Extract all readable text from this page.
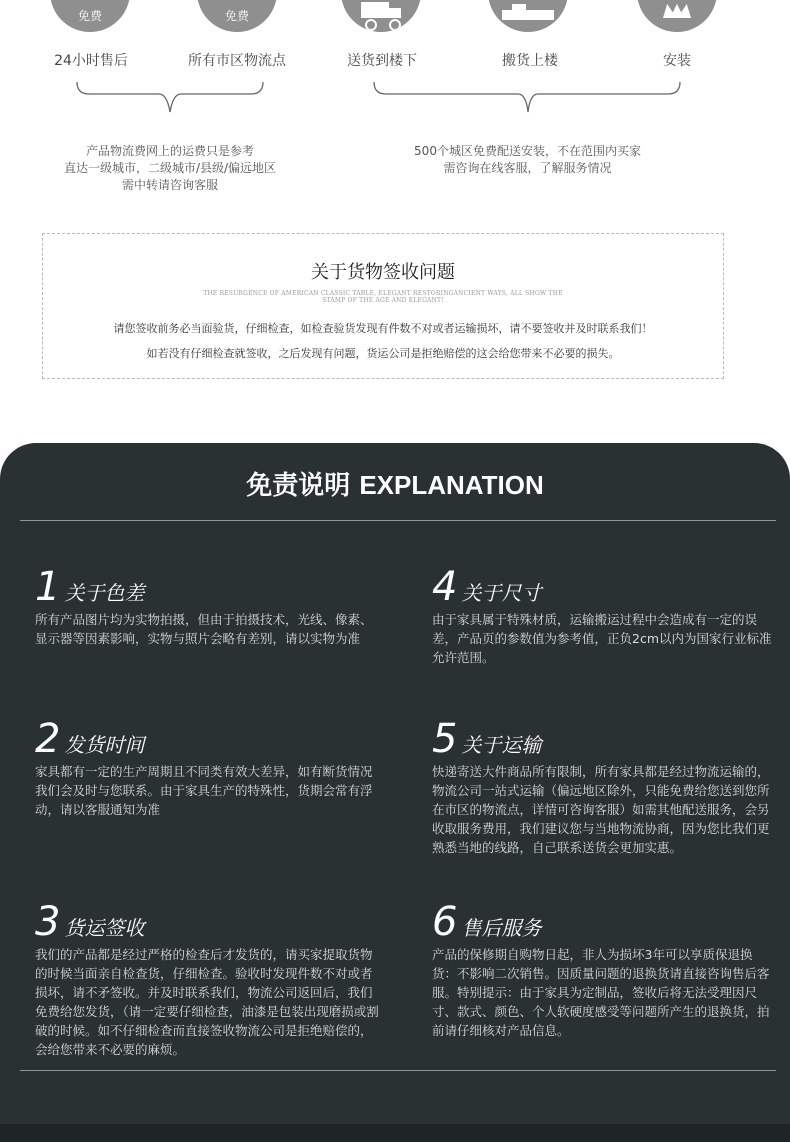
免费	免费
24小时售后	所有市区物流点	送货到楼下	搬货上楼	安装
产品物流费网上的运费只是参考
直达一级城市，二级城市/县级/偏远地区
需中转请咨询客服
500个城区免费配送安装，不在范围内买家
需咨询在线客服，了解服务情况
关于货物签收问题
THE RESURGENCE OF AMERICAN CLASSIC TABLE, ELEGANT RESTORINGANCIENT WAYS, ALL SHOW THE STAMP OF THE AGE AND ELEGANT!
请您签收前务必当面验货，仔细检查，如检查验货发现有件数不对或者运输损坏，请不要签收并及时联系我们！
如若没有仔细检查就签收，之后发现有问题，货运公司是拒绝赔偿的这会给您带来不必要的损失。
免责说明 EXPLANATION
1 关于色差
所有产品图片均为实物拍摄，但由于拍摄技术，光线、像素、显示器等因素影响，实物与照片会略有差别，请以实物为准
2 发货时间
家具都有一定的生产周期且不同类有效大差异，如有断货情况我们会及时与您联系。由于家具生产的特殊性，货期会常有浮动，请以客服通知为准
3 货运签收
我们的产品都是经过严格的检查后才发货的，请买家提取货物的时候当面亲自检查货，仔细检查。验收时发现件数不对或者损坏，请不矛签收。并及时联系我们，物流公司返回后，我们免费给您发货，（请一定要仔细检查，油漆是包装出现磨损或割破的时候。如不仔细检查而直接签收物流公司是拒绝赔偿的，会给您带来不必要的麻烦。
4 关于尺寸
由于家具属于特殊材质，运输搬运过程中会造成有一定的误差，产品页的参数值为参考值，正负2cm以内为国家行业标准允许范围。
5 关于运输
快递寄送大件商品所有限制，所有家具都是经过物流运输的，物流公司一站式运输（偏远地区除外，只能免费给您送到您所在市区的物流点，详情可咨询客服）如需其他配送服务，会另收取服务费用，我们建议您与当地物流协商，因为您比我们更熟悉当地的线路，自己联系送货会更加实惠。
6 售后服务
产品的保修期自购物日起，非人为损坏3年可以享质保退换货：不影响二次销售。因质量问题的退换货请直接咨询售后客服。特别提示：由于家具为定制品，签收后将无法受理因尺寸、款式、颜色、个人软硬度感受等问题所产生的退换货，拍前请仔细核对产品信息。
